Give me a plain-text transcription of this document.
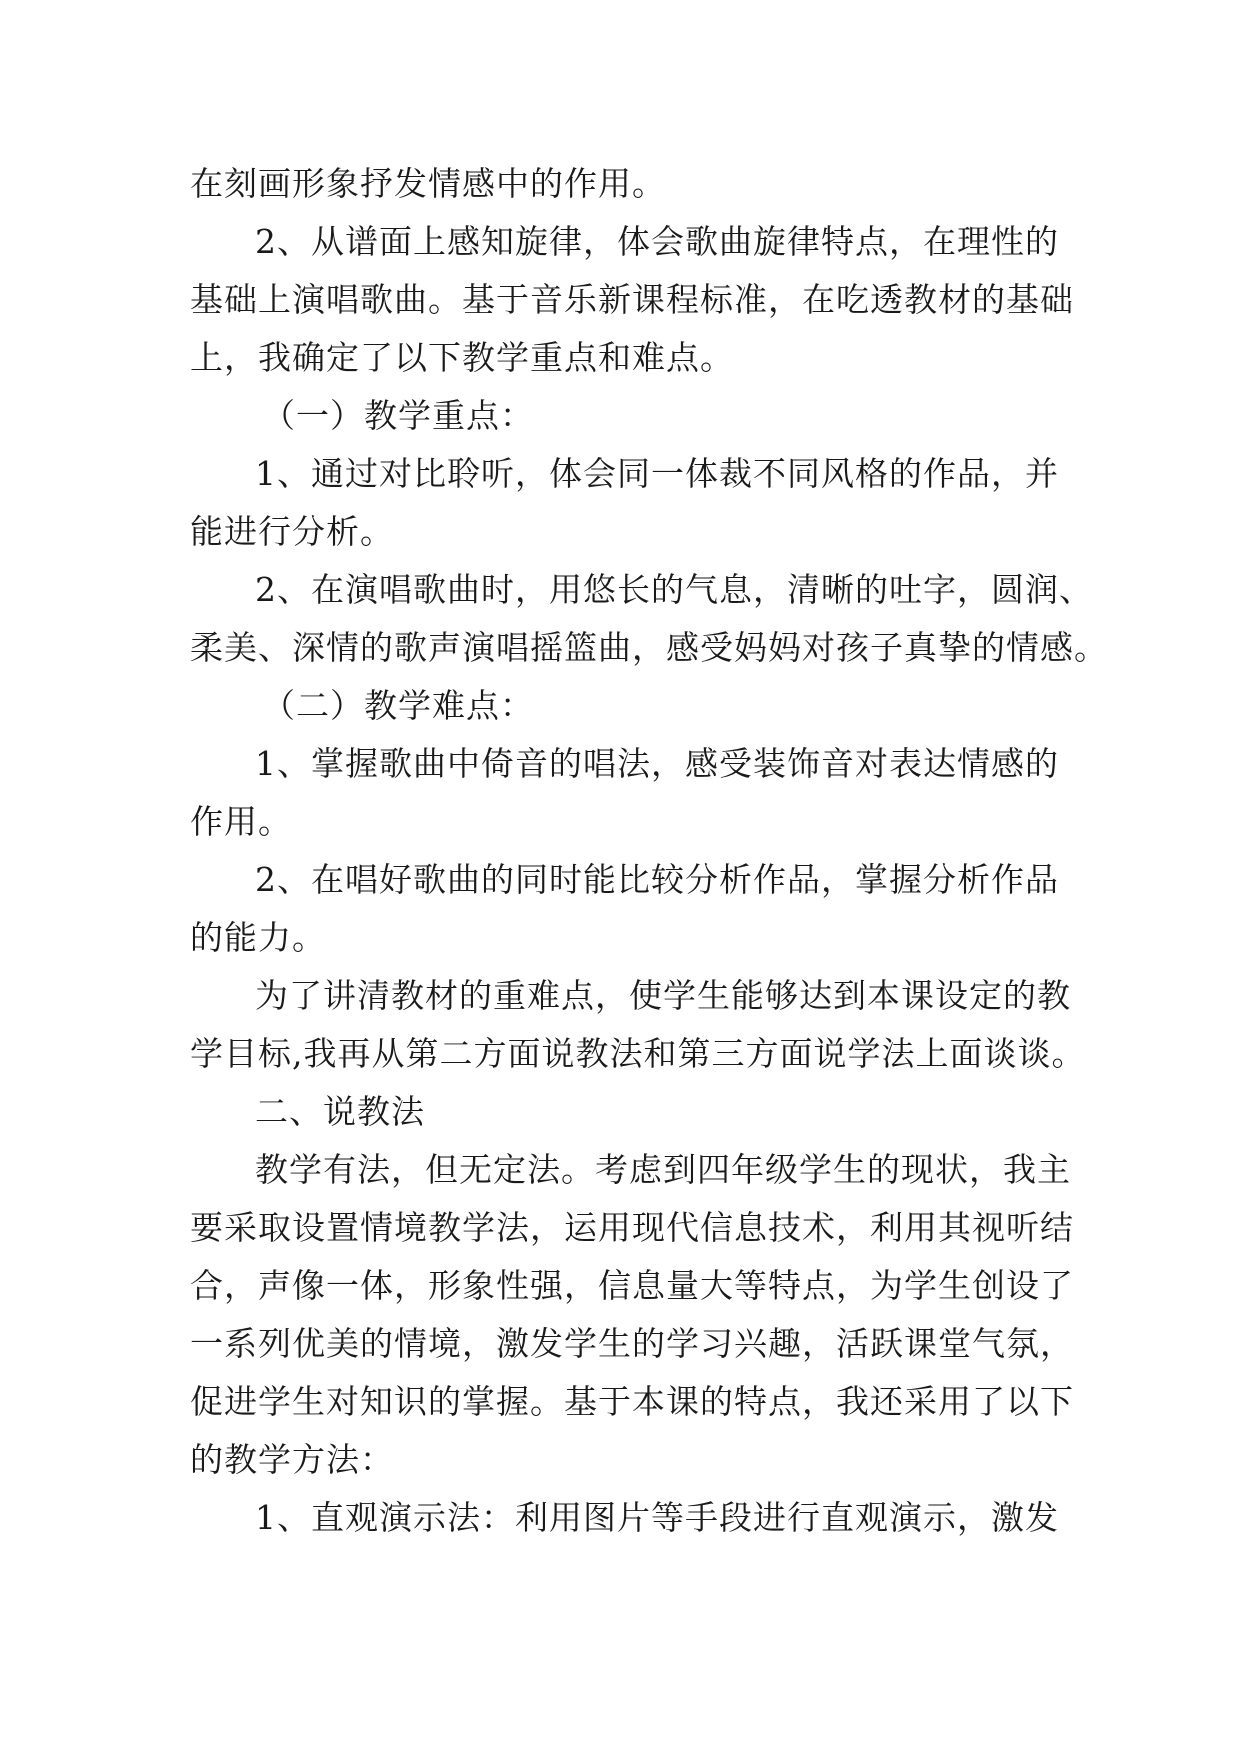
在刻画形象抒发情感中的作用。
2、从谱面上感知旋律，体会歌曲旋律特点，在理性的
基础上演唱歌曲。基于音乐新课程标准，在吃透教材的基础
上，我确定了以下教学重点和难点。
（一）教学重点：
1、通过对比聆听，体会同一体裁不同风格的作品，并
能进行分析。
2、在演唱歌曲时，用悠长的气息，清晰的吐字，圆润、
柔美、深情的歌声演唱摇篮曲，感受妈妈对孩子真挚的情感。
（二）教学难点：
1、掌握歌曲中倚音的唱法，感受装饰音对表达情感的
作用。
2、在唱好歌曲的同时能比较分析作品，掌握分析作品
的能力。
为了讲清教材的重难点，使学生能够达到本课设定的教
学目标,我再从第二方面说教法和第三方面说学法上面谈谈。
二、说教法
教学有法，但无定法。考虑到四年级学生的现状，我主
要采取设置情境教学法，运用现代信息技术，利用其视听结
合，声像一体，形象性强，信息量大等特点，为学生创设了
一系列优美的情境，激发学生的学习兴趣，活跃课堂气氛，
促进学生对知识的掌握。基于本课的特点，我还采用了以下
的教学方法：
1、直观演示法：利用图片等手段进行直观演示，激发
